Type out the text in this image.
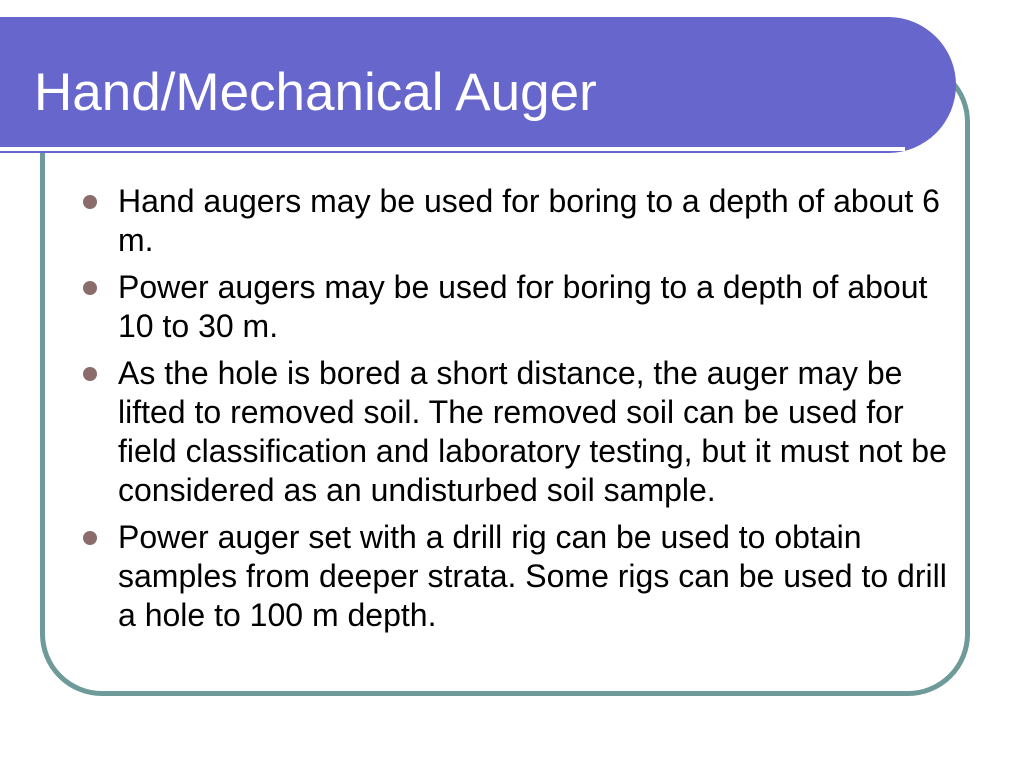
Hand/Mechanical Auger
Hand augers may be used for boring to a depth of about 6 m.
Power augers may be used for boring to a depth of about 10 to 30 m.
As the hole is bored a short distance, the auger may be lifted to removed soil. The removed soil can be used for field classification and laboratory testing, but it must not be considered as an undisturbed soil sample.
Power auger set with a drill rig can be used to obtain samples from deeper strata. Some rigs can be used to drill a hole to 100 m depth.
